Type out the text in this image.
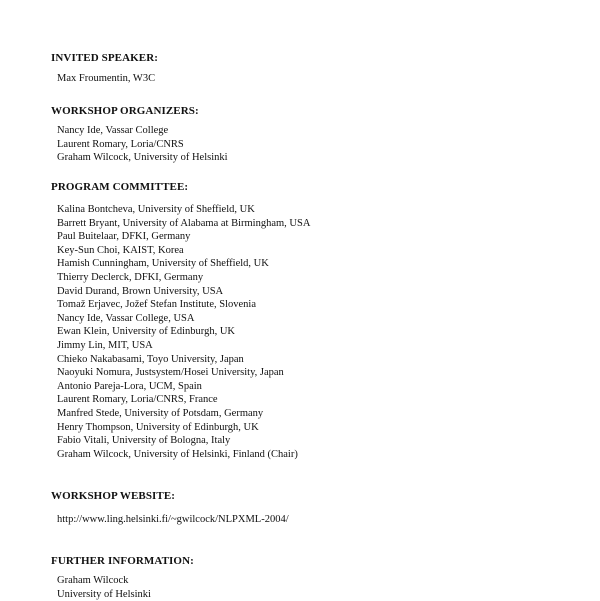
INVITED SPEAKER:
Max Froumentin, W3C
WORKSHOP ORGANIZERS:
Nancy Ide, Vassar College
Laurent Romary, Loria/CNRS
Graham Wilcock, University of Helsinki
PROGRAM COMMITTEE:
Kalina Bontcheva, University of Sheffield, UK
Barrett Bryant, University of Alabama at Birmingham, USA
Paul Buitelaar, DFKI, Germany
Key-Sun Choi, KAIST, Korea
Hamish Cunningham, University of Sheffield, UK
Thierry Declerck, DFKI, Germany
David Durand, Brown University, USA
Tomaž Erjavec, Jožef Stefan Institute, Slovenia
Nancy Ide, Vassar College, USA
Ewan Klein, University of Edinburgh, UK
Jimmy Lin, MIT, USA
Chieko Nakabasami, Toyo University, Japan
Naoyuki Nomura, Justsystem/Hosei University, Japan
Antonio Pareja-Lora, UCM, Spain
Laurent Romary, Loria/CNRS, France
Manfred Stede, University of Potsdam, Germany
Henry Thompson, University of Edinburgh, UK
Fabio Vitali, University of Bologna, Italy
Graham Wilcock, University of Helsinki, Finland (Chair)
WORKSHOP WEBSITE:
http://www.ling.helsinki.fi/~gwilcock/NLPXML-2004/
FURTHER INFORMATION:
Graham Wilcock
University of Helsinki
